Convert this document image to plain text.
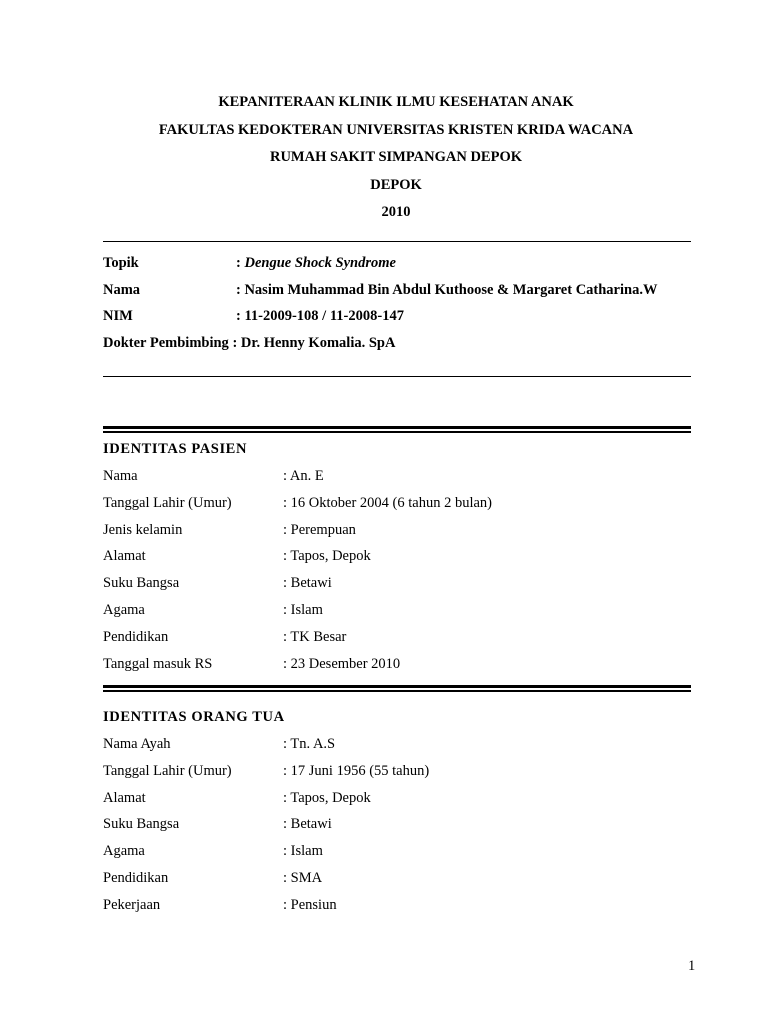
KEPANITERAAN KLINIK ILMU KESEHATAN ANAK
FAKULTAS KEDOKTERAN UNIVERSITAS KRISTEN KRIDA WACANA
RUMAH SAKIT SIMPANGAN DEPOK
DEPOK
2010
Topik	: Dengue Shock Syndrome
Nama	: Nasim Muhammad Bin Abdul Kuthoose & Margaret Catharina.W
NIM	: 11-2009-108 / 11-2008-147
Dokter Pembimbing : Dr. Henny Komalia. SpA
IDENTITAS PASIEN
Nama	: An. E
Tanggal Lahir (Umur)	: 16 Oktober 2004 (6 tahun 2 bulan)
Jenis kelamin	: Perempuan
Alamat	: Tapos, Depok
Suku Bangsa	: Betawi
Agama	: Islam
Pendidikan	: TK Besar
Tanggal masuk RS	: 23 Desember 2010
IDENTITAS ORANG TUA
Nama Ayah	: Tn. A.S
Tanggal Lahir (Umur)	: 17 Juni 1956 (55 tahun)
Alamat	: Tapos, Depok
Suku Bangsa	: Betawi
Agama	: Islam
Pendidikan	: SMA
Pekerjaan	: Pensiun
1
